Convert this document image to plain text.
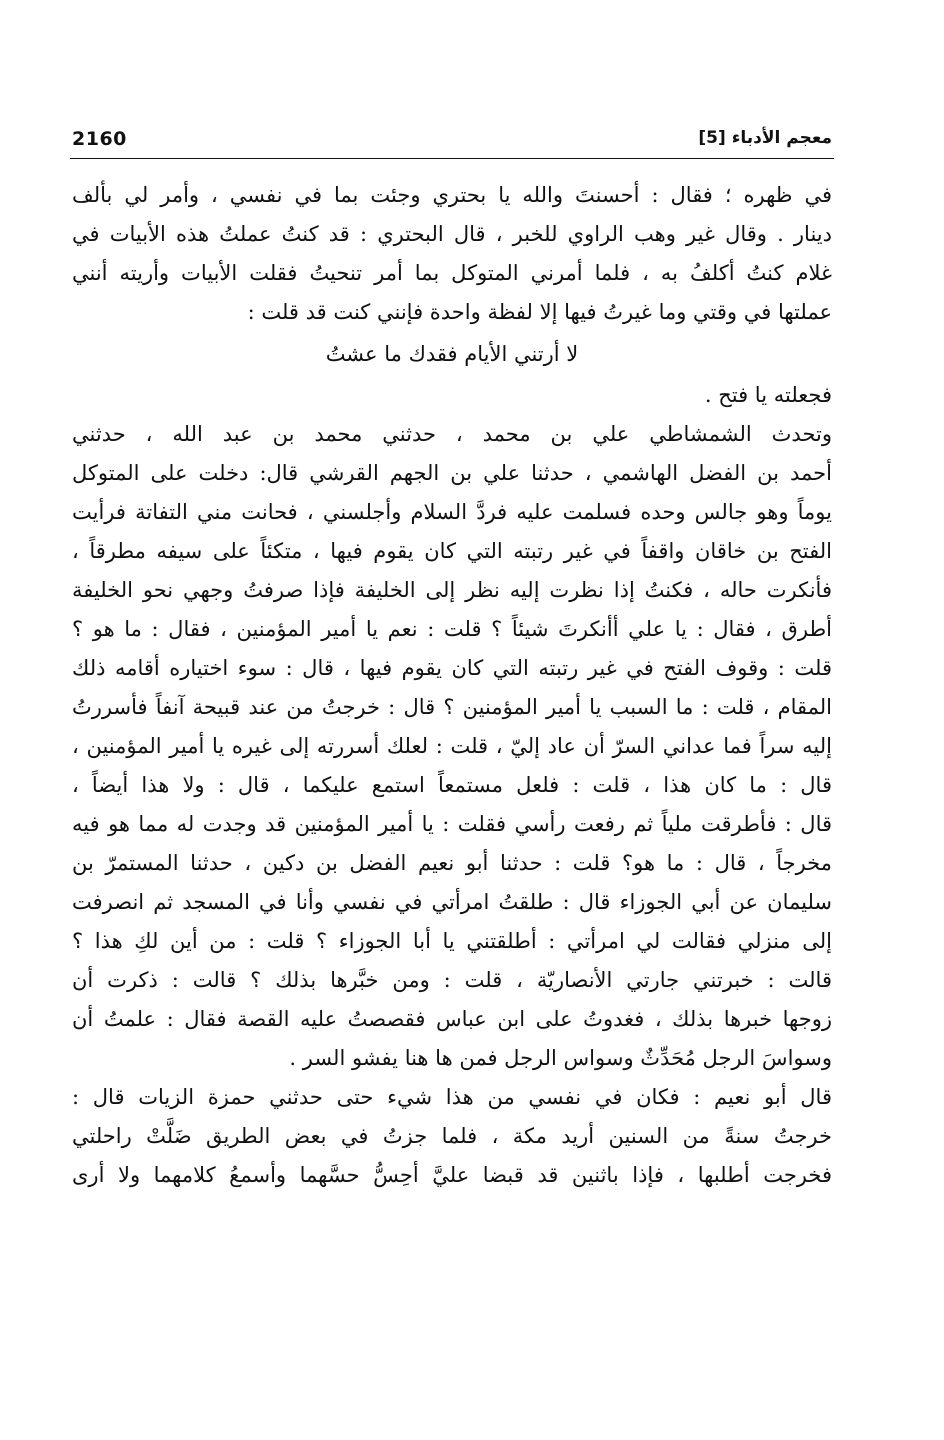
2160	معجم الأدباء [5]
في ظهره ؛ فقال : أحسنتَ والله يا بحتري وجئت بما في نفسي ، وأمر لي بألف
دينار . وقال غير وهب الراوي للخبر ، قال البحتري : قد كنتُ عملتُ هذه الأبيات في
غلام كنتُ أكلفُ به ، فلما أمرني المتوكل بما أمر تنحيتُ فقلت الأبيات وأريته أنني
عملتها في وقتي وما غيرتُ فيها إلا لفظة واحدة فإنني كنت قد قلت :
لا أرتني الأيام فقدك ما عشتُ
فجعلته يا فتح .
وتحدث الشمشاطي علي بن محمد ، حدثني محمد بن عبد الله ، حدثني
أحمد بن الفضل الهاشمي ، حدثنا علي بن الجهم القرشي قال: دخلت على المتوكل
يوماً وهو جالس وحده فسلمت عليه فردَّ السلام وأجلسني ، فحانت مني التفاتة فرأيت
الفتح بن خاقان واقفاً في غير رتبته التي كان يقوم فيها ، متكئاً على سيفه مطرقاً ،
فأنكرت حاله ، فكنتُ إذا نظرت إليه نظر إلى الخليفة فإذا صرفتُ وجهي نحو الخليفة
أطرق ، فقال : يا علي أأنكرتَ شيئاً ؟ قلت : نعم يا أمير المؤمنين ، فقال : ما هو ؟
قلت : وقوف الفتح في غير رتبته التي كان يقوم فيها ، قال : سوء اختياره أقامه ذلك
المقام ، قلت : ما السبب يا أمير المؤمنين ؟ قال : خرجتُ من عند قبيحة آنفاً فأسررتُ
إليه سراً فما عداني السرّ أن عاد إليّ ، قلت : لعلك أسررته إلى غيره يا أمير المؤمنين ،
قال : ما كان هذا ، قلت : فلعل مستمعاً استمع عليكما ، قال : ولا هذا أيضاً ،
قال : فأطرقت ملياً ثم رفعت رأسي فقلت : يا أمير المؤمنين قد وجدت له مما هو فيه
مخرجاً ، قال : ما هو؟ قلت : حدثنا أبو نعيم الفضل بن دكين ، حدثنا المستمرّ بن
سليمان عن أبي الجوزاء قال : طلقتُ امرأتي في نفسي وأنا في المسجد ثم انصرفت
إلى منزلي فقالت لي امرأتي : أطلقتني يا أبا الجوزاء ؟ قلت : من أين لكِ هذا ؟
قالت : خبرتني جارتي الأنصاريّة ، قلت : ومن خبَّرها بذلك ؟ قالت : ذكرت أن
زوجها خبرها بذلك ، فغدوتُ على ابن عباس فقصصتُ عليه القصة فقال : علمتُ أن
وسواسَ الرجل مُحَدِّثٌ وسواس الرجل فمن ها هنا يفشو السر .
قال أبو نعيم : فكان في نفسي من هذا شيء حتى حدثني حمزة الزيات قال :
خرجتُ سنةً من السنين أريد مكة ، فلما جزتُ في بعض الطريق ضَلَّتْ راحلتي
فخرجت أطلبها ، فإذا باثنين قد قبضا عليَّ أحِسُّ حسَّهما وأسمعُ كلامهما ولا أرى
